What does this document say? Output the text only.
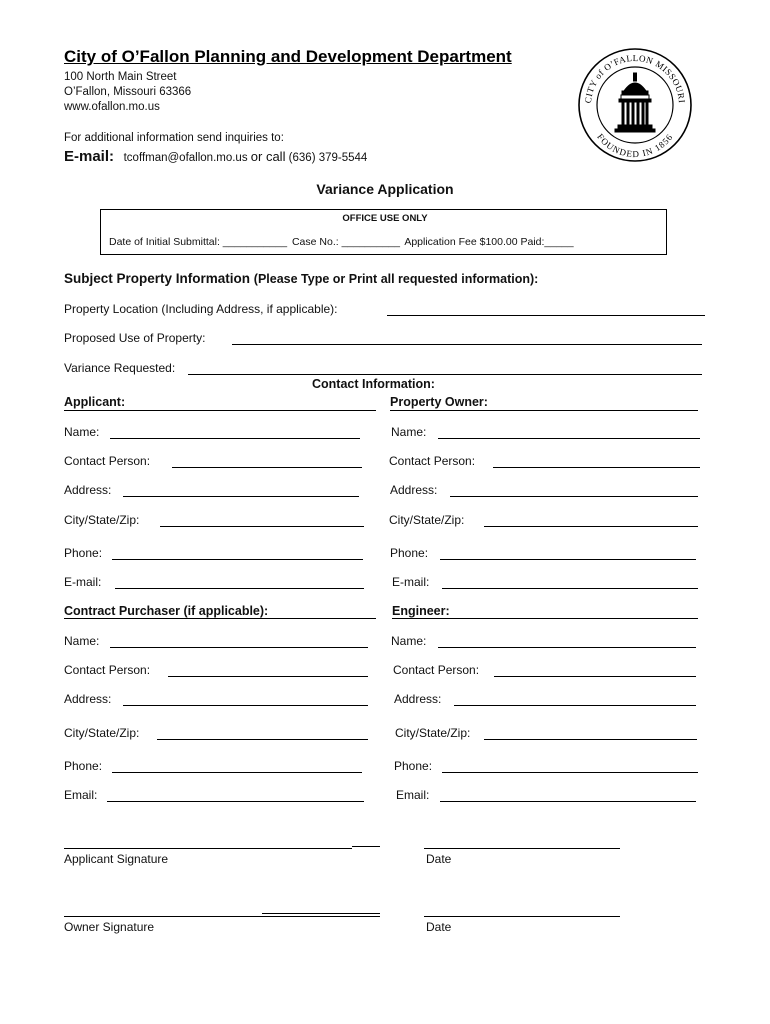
City of O’Fallon Planning and Development Department
100 North Main Street
O’Fallon, Missouri 63366
www.ofallon.mo.us
For additional information send inquiries to:
E-mail: tcoffman@ofallon.mo.us or call (636) 379-5544
CITY of O’FALLON MISSOURI
FOUNDED IN 1856
Variance Application
OFFICE USE ONLY
Date of Initial Submittal: ___________ Case No.: __________ Application Fee $100.00 Paid:_____
Subject Property Information (Please Type or Print all requested information):
Property Location (Including Address, if applicable):
Proposed Use of Property:
Variance Requested:
Contact Information:
Applicant:	Property Owner:
Name:	Name:
Contact Person:	Contact Person:
Address:	Address:
City/State/Zip:	City/State/Zip:
Phone:	Phone:
E-mail:	E-mail:
Contract Purchaser (if applicable):	Engineer:
Name:	Name:
Contact Person:	Contact Person:
Address:	Address:
City/State/Zip:	City/State/Zip:
Phone:	Phone:
Email:	Email:
Applicant Signature	Date
Owner Signature	Date
